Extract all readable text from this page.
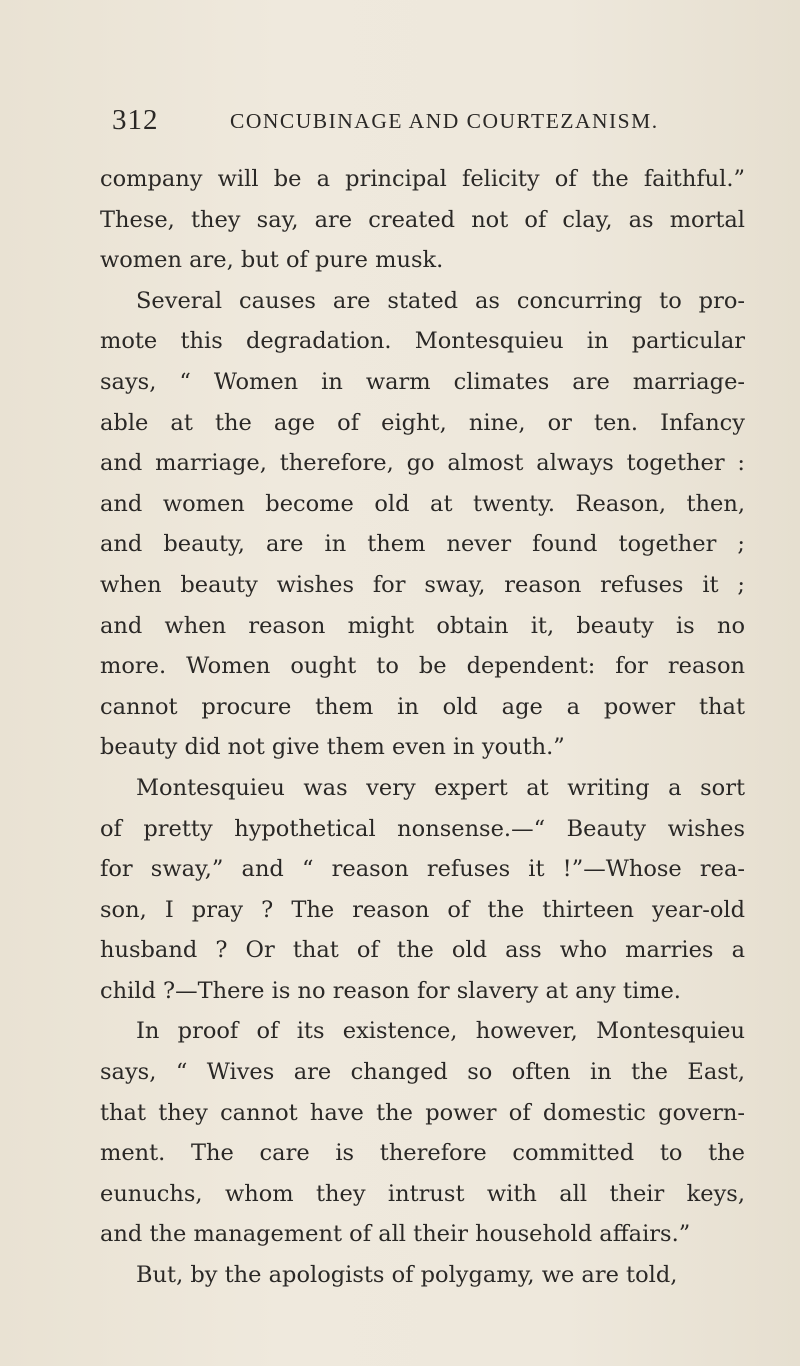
312	CONCUBINAGE AND COURTEZANISM.
company will be a principal felicity of the faithful.”
These, they say, are created not of clay, as mortal
women are, but of pure musk.
Several causes are stated as concurring to pro-
mote this degradation. Montesquieu in particular
says, “ Women in warm climates are marriage-
able at the age of eight, nine, or ten. Infancy
and marriage, therefore, go almost always together :
and women become old at twenty. Reason, then,
and beauty, are in them never found together ;
when beauty wishes for sway, reason refuses it ;
and when reason might obtain it, beauty is no
more. Women ought to be dependent: for reason
cannot procure them in old age a power that
beauty did not give them even in youth.”
Montesquieu was very expert at writing a sort
of pretty hypothetical nonsense.—“ Beauty wishes
for sway,” and “ reason refuses it !”—Whose rea-
son, I pray ? The reason of the thirteen year-old
husband ? Or that of the old ass who marries a
child ?—There is no reason for slavery at any time.
In proof of its existence, however, Montesquieu
says, “ Wives are changed so often in the East,
that they cannot have the power of domestic govern-
ment. The care is therefore committed to the
eunuchs, whom they intrust with all their keys,
and the management of all their household affairs.”
But, by the apologists of polygamy, we are told,
